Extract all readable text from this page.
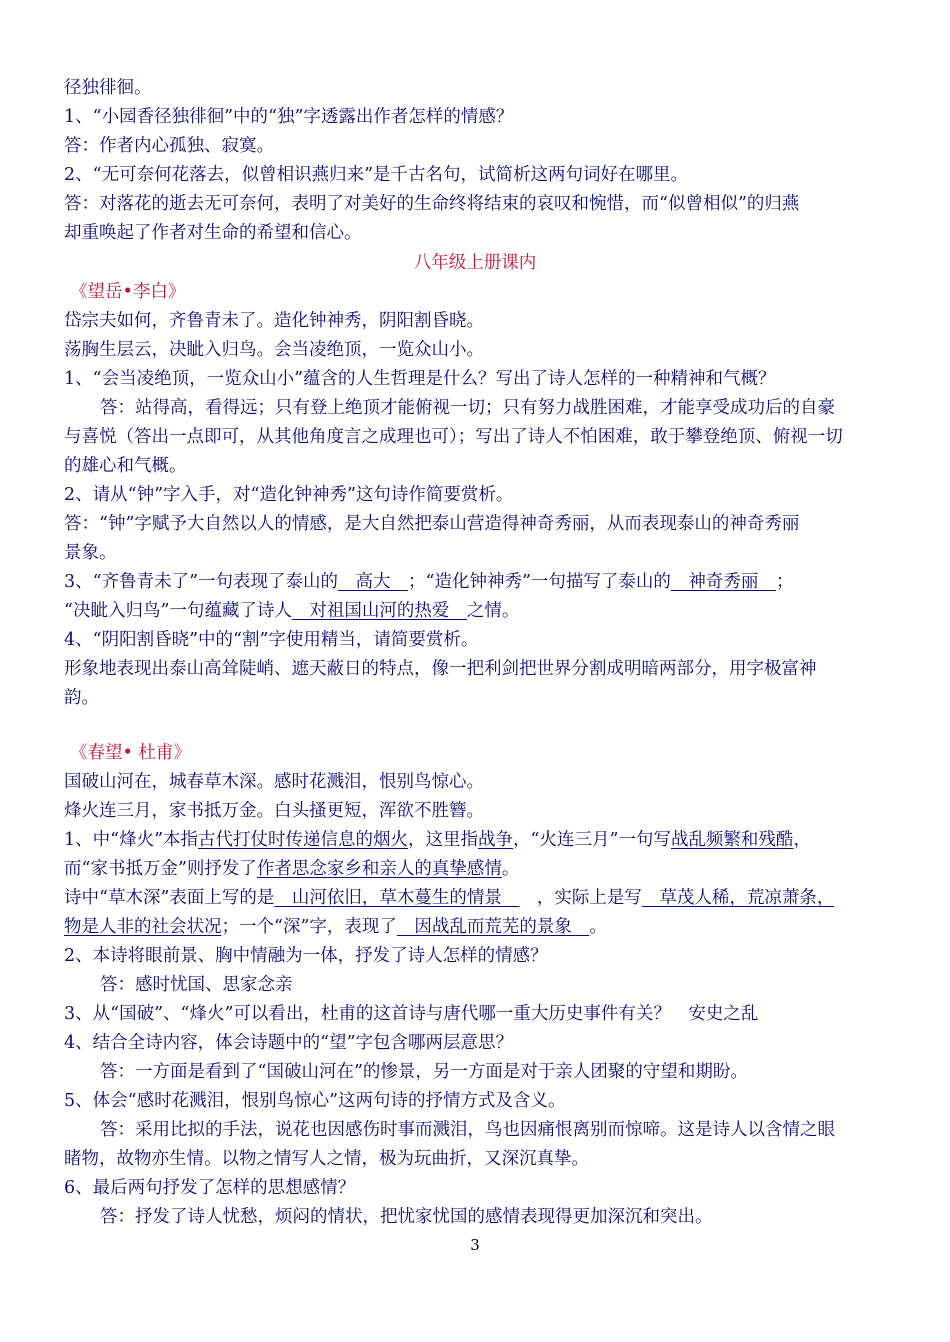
径独徘徊。
1、“小园香径独徘徊”中的“独”字透露出作者怎样的情感？
答：作者内心孤独、寂寞。
2、“无可奈何花落去，似曾相识燕归来”是千古名句，试简析这两句词好在哪里。
答：对落花的逝去无可奈何，表明了对美好的生命终将结束的哀叹和惋惜，而“似曾相似”的归燕
却重唤起了作者对生命的希望和信心。
八年级上册课内
《望岳•李白》
岱宗夫如何，齐鲁青未了。造化钟神秀，阴阳割昏晓。
荡胸生层云，决眦入归鸟。会当凌绝顶，一览众山小。
1、“会当凌绝顶，一览众山小”蕴含的人生哲理是什么？写出了诗人怎样的一种精神和气概？
答：站得高，看得远；只有登上绝顶才能俯视一切；只有努力战胜困难，才能享受成功后的自豪
与喜悦（答出一点即可，从其他角度言之成理也可）；写出了诗人不怕困难，敢于攀登绝顶、俯视一切
的雄心和气概。
2、请从“钟”字入手，对“造化钟神秀”这句诗作简要赏析。
答：“钟”字赋予大自然以人的情感，是大自然把泰山营造得神奇秀丽，从而表现泰山的神奇秀丽
景象。
3、“齐鲁青未了”一句表现了泰山的　高大　；“造化钟神秀”一句描写了泰山的　神奇秀丽　；
“决眦入归鸟”一句蕴藏了诗人　对祖国山河的热爱　之情。
4、“阴阳割昏晓”中的“割”字使用精当，请简要赏析。
形象地表现出泰山高耸陡峭、遮天蔽日的特点，像一把利剑把世界分割成明暗两部分，用字极富神
韵。
《春望• 杜甫》
国破山河在，城春草木深。感时花溅泪，恨别鸟惊心。
烽火连三月，家书抵万金。白头搔更短，浑欲不胜簪。
1、中“烽火”本指古代打仗时传递信息的烟火，这里指战争，“火连三月”一句写战乱频繁和残酷，
而“家书抵万金”则抒发了作者思念家乡和亲人的真挚感情。
诗中“草木深”表面上写的是　山河依旧，草木蔓生的情景　　，实际上是写　草茂人稀，荒凉萧条，
物是人非的社会状况；一个“深”字，表现了　因战乱而荒芜的景象　。
2、本诗将眼前景、胸中情融为一体，抒发了诗人怎样的情感？
答：感时忧国、思家念亲
3、从“国破”、“烽火”可以看出，杜甫的这首诗与唐代哪一重大历史事件有关？　安史之乱
4、结合全诗内容，体会诗题中的“望”字包含哪两层意思？
答：一方面是看到了“国破山河在”的惨景，另一方面是对于亲人团聚的守望和期盼。
5、体会“感时花溅泪，恨别鸟惊心”这两句诗的抒情方式及含义。
答：采用比拟的手法，说花也因感伤时事而溅泪，鸟也因痛恨离别而惊啼。这是诗人以含情之眼
睹物，故物亦生情。以物之情写人之情，极为玩曲折，又深沉真挚。
6、最后两句抒发了怎样的思想感情？
答：抒发了诗人忧愁，烦闷的情状，把忧家忧国的感情表现得更加深沉和突出。
3
